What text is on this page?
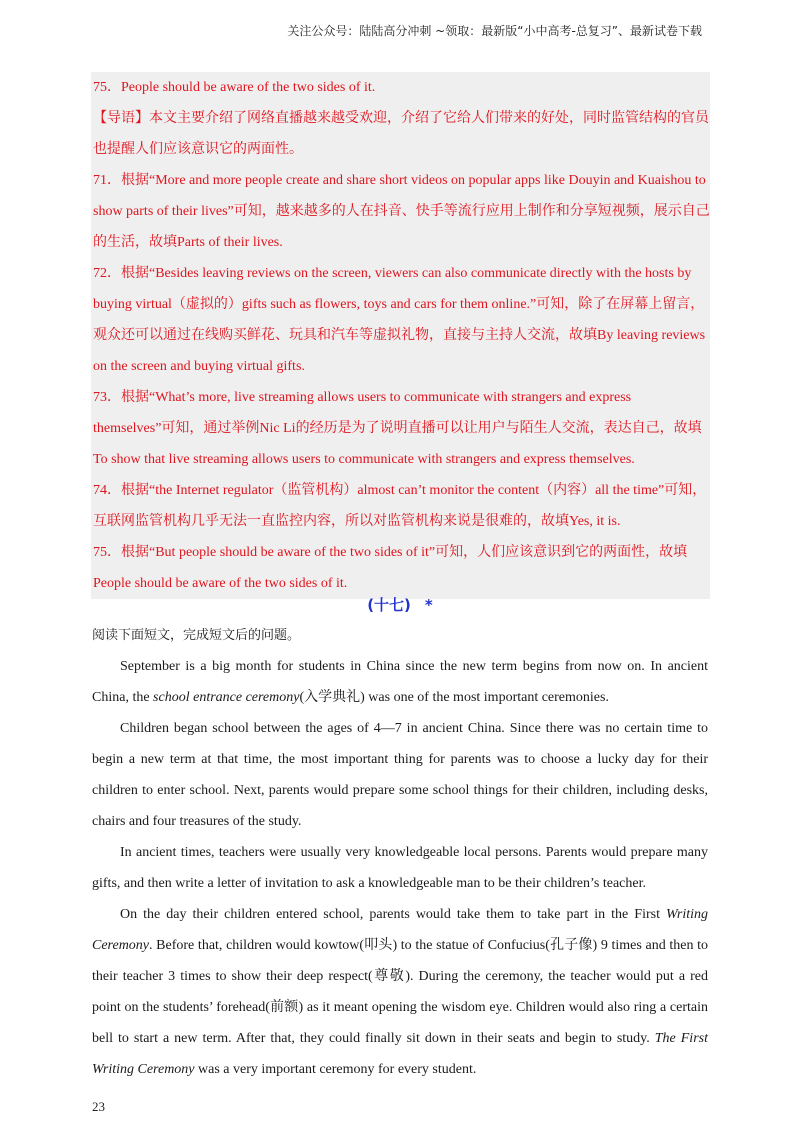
关注公众号：陆陆高分冲刺 ~领取：最新版“小中高考-总复习”、最新试卷下载

75．People should be aware of the two sides of it.

【导语】本文主要介绍了网络直播越来越受欢迎，介绍了它给人们带来的好处，同时监管结构的官员也提醒人们应该意识它的两面性。

71．根据“More and more people create and share short videos on popular apps like Douyin and Kuaishou to show parts of their lives”可知，越来越多的人在抖音、快手等流行应用上制作和分享短视频，展示自己的生活，故填Parts of their lives.

72．根据“Besides leaving reviews on the screen, viewers can also communicate directly with the hosts by buying virtual（虚拟的）gifts such as flowers, toys and cars for them online.”可知，除了在屏幕上留言，观众还可以通过在线购买鲜花、玩具和汽车等虚拟礼物，直接与主持人交流，故填By leaving reviews on the screen and buying virtual gifts.

73．根据“What’s more, live streaming allows users to communicate with strangers and express themselves”可知，通过举例Nic Li的经历是为了说明直播可以让用户与陌生人交流，表达自己，故填To show that live streaming allows users to communicate with strangers and express themselves.

74．根据“the Internet regulator（监管机构）almost can’t monitor the content（内容）all the time”可知，互联网监管机构几乎无法一直监控内容，所以对监管机构来说是很难的，故填Yes, it is.

75．根据“But people should be aware of the two sides of it”可知，人们应该意识到它的两面性，故填People should be aware of the two sides of it.

(十七) *

阅读下面短文，完成短文后的问题。

September is a big month for students in China since the new term begins from now on. In ancient China, the school entrance ceremony(入学典礼) was one of the most important ceremonies.

Children began school between the ages of 4—7 in ancient China. Since there was no certain time to begin a new term at that time, the most important thing for parents was to choose a lucky day for their children to enter school. Next, parents would prepare some school things for their children, including desks, chairs and four treasures of the study.

In ancient times, teachers were usually very knowledgeable local persons. Parents would prepare many gifts, and then write a letter of invitation to ask a knowledgeable man to be their children’s teacher.

On the day their children entered school, parents would take them to take part in the First Writing Ceremony. Before that, children would kowtow(叩头) to the statue of Confucius(孔子像) 9 times and then to their teacher 3 times to show their deep respect(尊敬). During the ceremony, the teacher would put a red point on the students’ forehead(前额) as it meant opening the wisdom eye. Children would also ring a certain bell to start a new term. After that, they could finally sit down in their seats and begin to study. The First Writing Ceremony was a very important ceremony for every student.

23
